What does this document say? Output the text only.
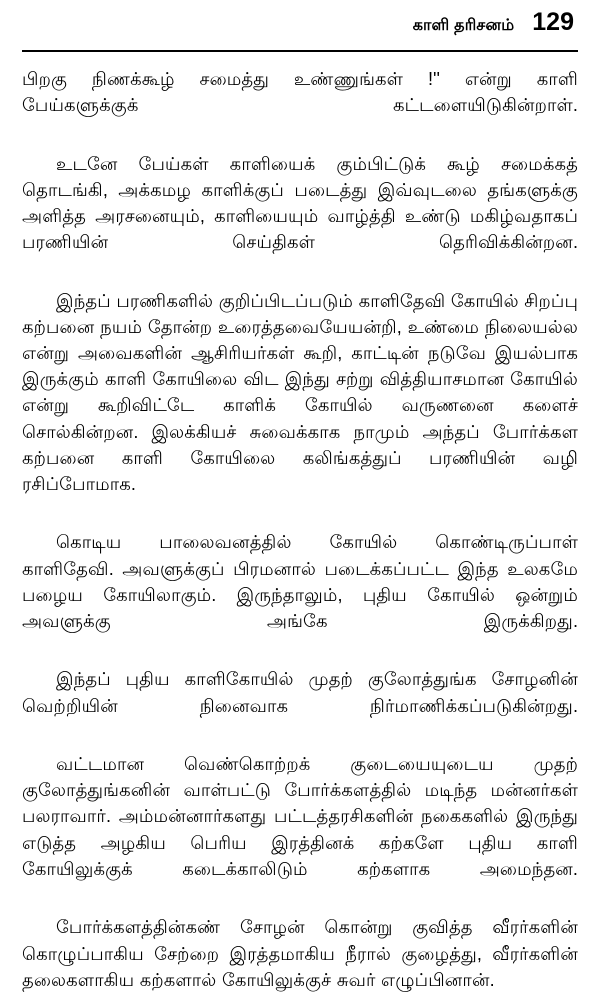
காளி தரிசனம் 129

பிறகு நிணக்கூழ் சமைத்து உண்ணுங்கள் !'' என்று காளி பேய்களுக்குக் கட்டளையிடுகின்றாள்.

உடனே பேய்கள் காளியைக் கும்பிட்டுக் கூழ் சமைக்கத் தொடங்கி, அக்கமழ காளிக்குப் படைத்து இவ்வுடலை தங்களுக்கு அளித்த அரசனையும், காளியையும் வாழ்த்தி உண்டு மகிழ்வதாகப் பரணியின் செய்திகள் தெரிவிக்கின்றன.

இந்தப் பரணிகளில் குறிப்பிடப்படும் காளிதேவி கோயில் சிறப்பு கற்பனை நயம் தோன்ற உரைத்தவையேயன்றி, உண்மை நிலையல்ல என்று அவைகளின் ஆசிரியர்கள் கூறி, காட்டின் நடுவே இயல்பாக இருக்கும் காளி கோயிலை விட இந்து சற்று வித்தியாசமான கோயில் என்று கூறிவிட்டே காளிக் கோயில் வருணனை களைச் சொல்கின்றன. இலக்கியச் சுவைக்காக நாமும் அந்தப் போர்க்கள கற்பனை காளி கோயிலை கலிங்கத்துப் பரணியின் வழி ரசிப்போமாக.

கொடிய பாலைவனத்தில் கோயில் கொண்டிருப்பாள் காளிதேவி. அவளுக்குப் பிரமனால் படைக்கப்பட்ட இந்த உலகமே பழைய கோயிலாகும். இருந்தாலும், புதிய கோயில் ஒன்றும் அவளுக்கு அங்கே இருக்கிறது.

இந்தப் புதிய காளிகோயில் முதற் குலோத்துங்க சோழனின் வெற்றியின் நினைவாக நிர்மாணிக்கப்படுகின்றது.

வட்டமான வெண்கொற்றக் குடையையுடைய முதற் குலோத்துங்கனின் வாள்பட்டு போர்க்களத்தில் மடிந்த மன்னர்கள் பலராவார். அம்மன்னார்களது பட்டத்தரசிகளின் நகைகளில் இருந்து எடுத்த அழகிய பெரிய இரத்தினக் கற்களே புதிய காளி கோயிலுக்குக் கடைக்காலிடும் கற்களாக அமைந்தன.

போர்க்களத்தின்கண் சோழன் கொன்று குவித்த வீரர்களின் கொழுப்பாகிய சேற்றை இரத்தமாகிய நீரால் குழைத்து, வீரர்களின் தலைகளாகிய கற்களால் கோயிலுக்குச் சுவர் எழுப்பினான்.
